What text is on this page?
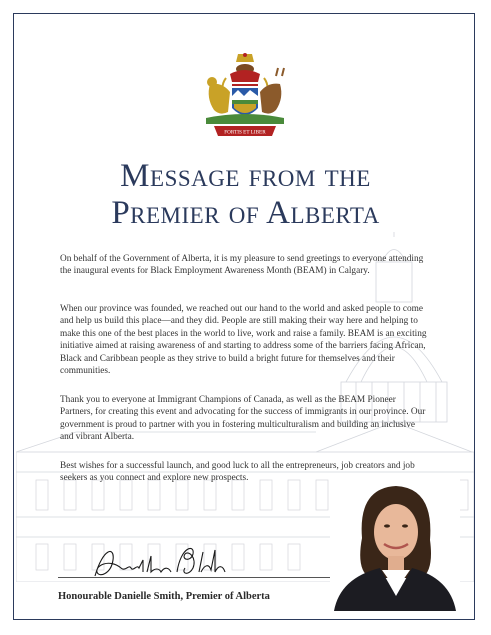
FORTIS ET LIBER
Message from the
Premier of Alberta
On behalf of the Government of Alberta, it is my pleasure to send greetings to everyone attending the inaugural events for Black Employment Awareness Month (BEAM) in Calgary.
When our province was founded, we reached out our hand to the world and asked people to come and help us build this place—and they did. People are still making their way here and helping to make this one of the best places in the world to live, work and raise a family. BEAM is an exciting initiative aimed at raising awareness of and starting to address some of the barriers facing African, Black and Caribbean people as they strive to build a bright future for themselves and their communities.
Thank you to everyone at Immigrant Champions of Canada, as well as the BEAM Pioneer Partners, for creating this event and advocating for the success of immigrants in our province. Our government is proud to partner with you in fostering multiculturalism and building an inclusive and vibrant Alberta.
Best wishes for a successful launch, and good luck to all the entrepreneurs, job creators and job seekers as you connect and explore new prospects.
Honourable Danielle Smith, Premier of Alberta
